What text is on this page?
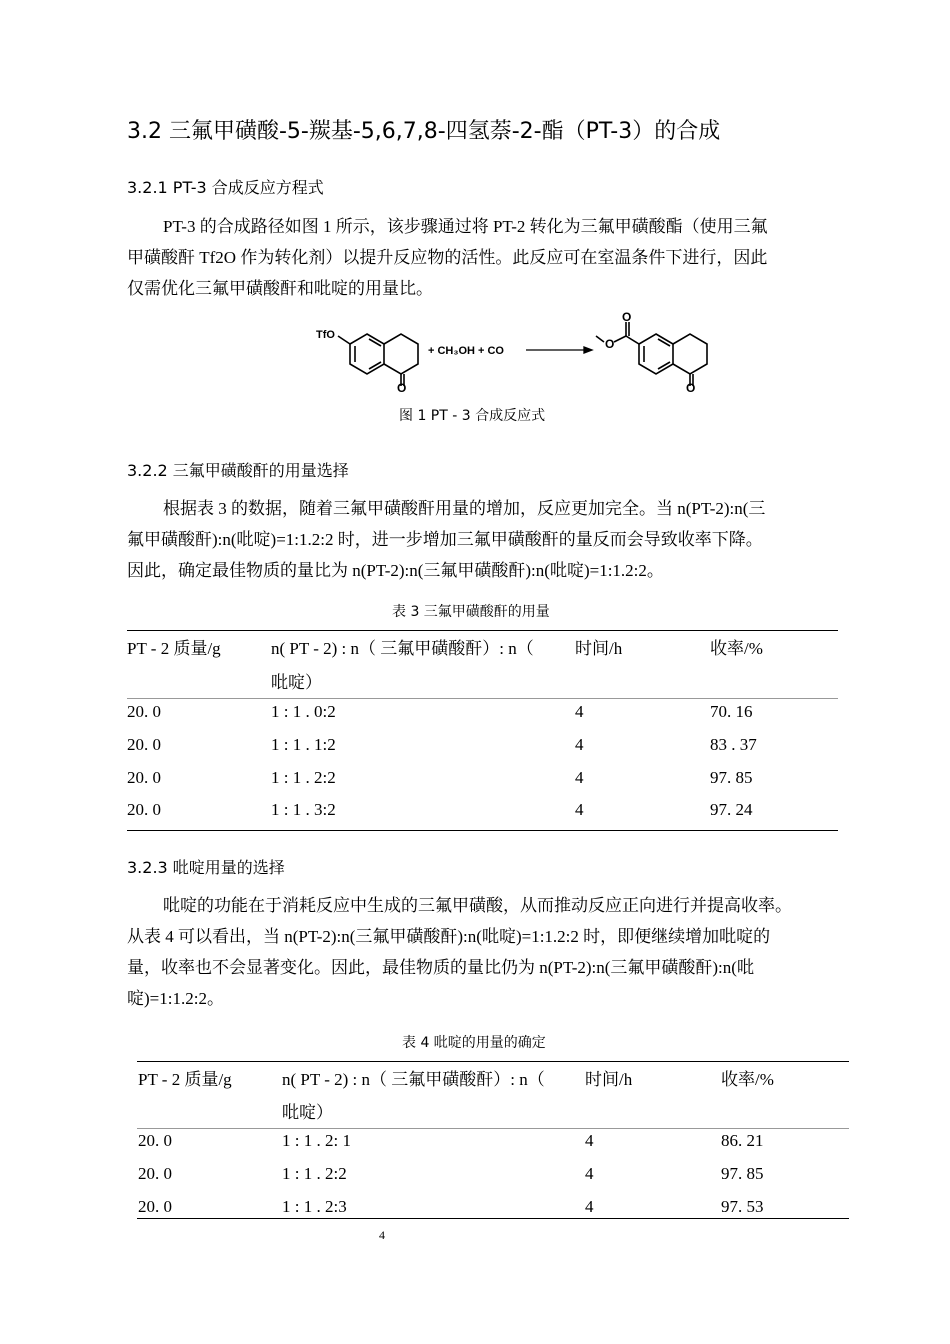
3.2 三氟甲磺酸-5-羰基-5,6,7,8-四氢萘-2-酯（PT-3）的合成
3.2.1 PT-3 合成反应方程式

PT-3 的合成路径如图 1 所示，该步骤通过将 PT-2 转化为三氟甲磺酸酯（使用三氟

甲磺酸酐 Tf2O 作为转化剂）以提升反应物的活性。此反应可在室温条件下进行，因此

仅需优化三氟甲磺酸酐和吡啶的用量比。

TfO
O
+ CH₃OH + CO
O
O
O
图 1 PT - 3 合成反应式
3.2.2 三氟甲磺酸酐的用量选择

根据表 3 的数据，随着三氟甲磺酸酐用量的增加，反应更加完全。当 n(PT-2):n(三

氟甲磺酸酐):n(吡啶)=1:1.2:2 时，进一步增加三氟甲磺酸酐的量反而会导致收率下降。

因此，确定最佳物质的量比为 n(PT-2):n(三氟甲磺酸酐):n(吡啶)=1:1.2:2。

表 3 三氟甲磺酸酐的用量
PT - 2 质量/g	n( PT - 2) : n（ 三氟甲磺酸酐）: n（ 时间/h	收率/%
吡啶）
20. 0	1 : 1 . 0:2	4	70. 16
20. 0	1 : 1 . 1:2	4	83 . 37
20. 0	1 : 1 . 2:2	4	97. 85
20. 0	1 : 1 . 3:2	4	97. 24
3.2.3 吡啶用量的选择

吡啶的功能在于消耗反应中生成的三氟甲磺酸，从而推动反应正向进行并提高收率。

从表 4 可以看出，当 n(PT-2):n(三氟甲磺酸酐):n(吡啶)=1:1.2:2 时，即便继续增加吡啶的

量，收率也不会显著变化。因此，最佳物质的量比仍为 n(PT-2):n(三氟甲磺酸酐):n(吡

啶)=1:1.2:2。

表 4 吡啶的用量的确定
PT - 2 质量/g	n( PT - 2) : n（ 三氟甲磺酸酐）: n（ 时间/h	收率/%
吡啶）
20. 0	1 : 1 . 2: 1	4	86. 21
20. 0	1 : 1 . 2:2	4	97. 85
20. 0	1 : 1 . 2:3	4	97. 53
4
